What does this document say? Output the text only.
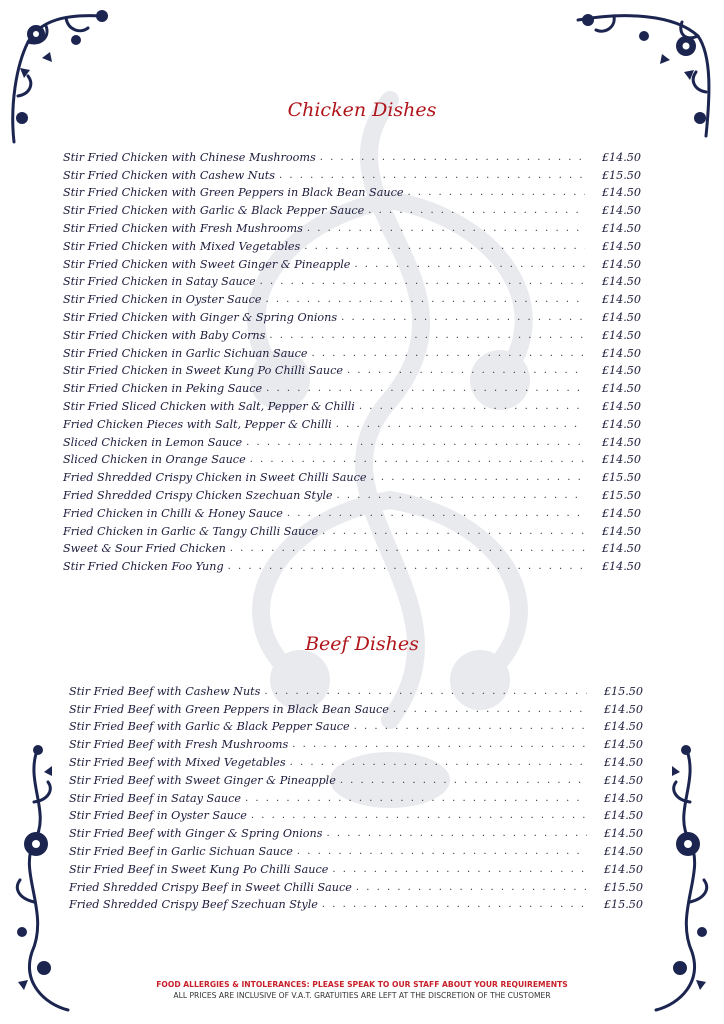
Chicken Dishes
Stir Fried Chicken with Chinese Mushrooms . . .	£14.50
Stir Fried Chicken with Cashew Nuts . . .	£15.50
Stir Fried Chicken with Green Peppers in Black Bean Sauce . . .	£14.50
Stir Fried Chicken with Garlic & Black Pepper Sauce . . .	£14.50
Stir Fried Chicken with Fresh Mushrooms . . .	£14.50
Stir Fried Chicken with Mixed Vegetables . . .	£14.50
Stir Fried Chicken with Sweet Ginger & Pineapple . . .	£14.50
Stir Fried Chicken in Satay Sauce . . .	£14.50
Stir Fried Chicken in Oyster Sauce . . .	£14.50
Stir Fried Chicken with Ginger & Spring Onions . . .	£14.50
Stir Fried Chicken with Baby Corns . . .	£14.50
Stir Fried Chicken in Garlic Sichuan Sauce . . .	£14.50
Stir Fried Chicken in Sweet Kung Po Chilli Sauce . . .	£14.50
Stir Fried Chicken in Peking Sauce . . .	£14.50
Stir Fried Sliced Chicken with Salt, Pepper & Chilli . . .	£14.50
Fried Chicken Pieces with Salt, Pepper & Chilli . . .	£14.50
Sliced Chicken in Lemon Sauce . . .	£14.50
Sliced Chicken in Orange Sauce . . .	£14.50
Fried Shredded Crispy Chicken in Sweet Chilli Sauce . . .	£15.50
Fried Shredded Crispy Chicken Szechuan Style . . .	£15.50
Fried Chicken in Chilli & Honey Sauce . . .	£14.50
Fried Chicken in Garlic & Tangy Chilli Sauce . . .	£14.50
Sweet & Sour Fried Chicken . . .	£14.50
Stir Fried Chicken Foo Yung . . .	£14.50
Beef Dishes
Stir Fried Beef with Cashew Nuts . . .	£15.50
Stir Fried Beef with Green Peppers in Black Bean Sauce . . .	£14.50
Stir Fried Beef with Garlic & Black Pepper Sauce . . .	£14.50
Stir Fried Beef with Fresh Mushrooms . . .	£14.50
Stir Fried Beef with Mixed Vegetables . . .	£14.50
Stir Fried Beef with Sweet Ginger & Pineapple . . .	£14.50
Stir Fried Beef in Satay Sauce . . .	£14.50
Stir Fried Beef in Oyster Sauce . . .	£14.50
Stir Fried Beef with Ginger & Spring Onions . . .	£14.50
Stir Fried Beef in Garlic Sichuan Sauce . . .	£14.50
Stir Fried Beef in Sweet Kung Po Chilli Sauce . . .	£14.50
Fried Shredded Crispy Beef in Sweet Chilli Sauce . . .	£15.50
Fried Shredded Crispy Beef Szechuan Style . . .	£15.50
FOOD ALLERGIES & INTOLERANCES: PLEASE SPEAK TO OUR STAFF ABOUT YOUR REQUIREMENTS
ALL PRICES ARE INCLUSIVE OF V.A.T. GRATUITIES ARE LEFT AT THE DISCRETION OF THE CUSTOMER
